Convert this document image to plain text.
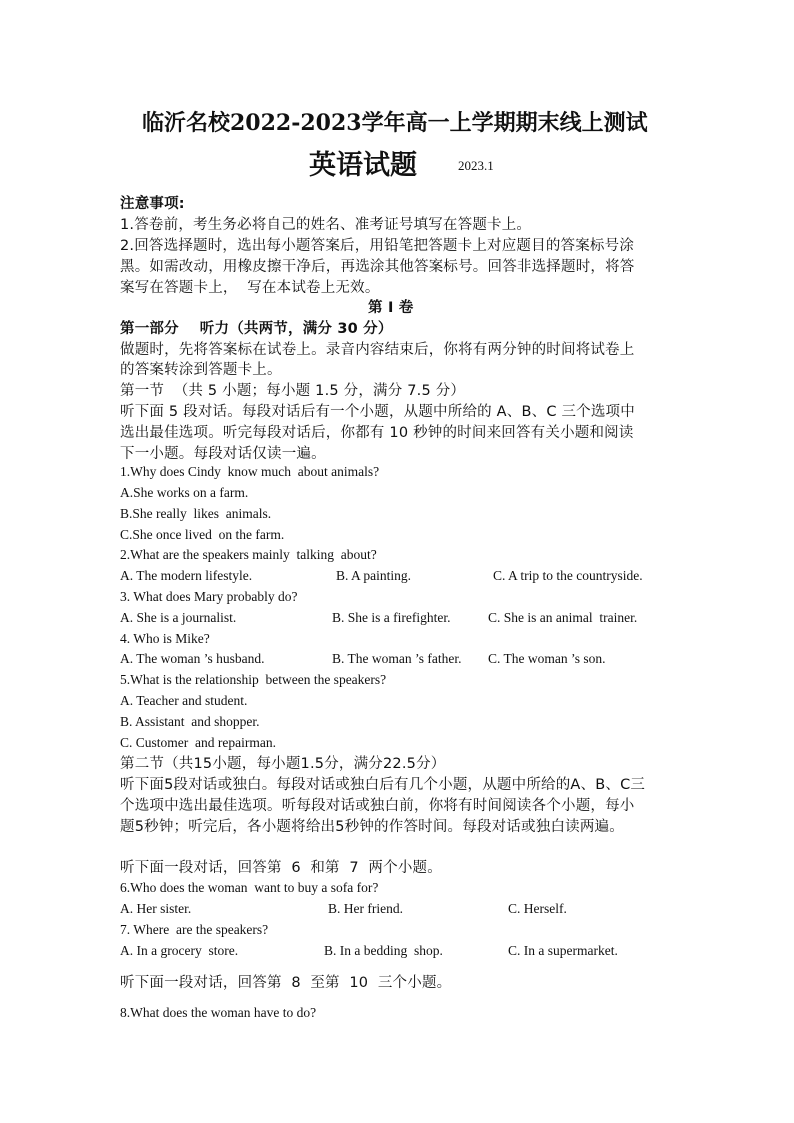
临沂名校2022-2023学年高一上学期期末线上测试
英语试题	2023.1
注意事项:
1.答卷前，考生务必将自己的姓名、准考证号填写在答题卡上。
2.回答选择题时，选出每小题答案后，用铅笔把答题卡上对应题目的答案标号涂
黑。如需改动，用橡皮擦干净后，再选涂其他答案标号。回答非选择题时，将答
案写在答题卡上，  写在本试卷上无效。
第 I 卷
第一部分    听力（共两节，满分 30 分）
做题时，先将答案标在试卷上。录音内容结束后，你将有两分钟的时间将试卷上
的答案转涂到答题卡上。
第一节  （共 5 小题；每小题 1.5 分，满分 7.5 分）
听下面 5 段对话。每段对话后有一个小题，从题中所给的 A、B、C 三个选项中
选出最佳选项。听完每段对话后，你都有 10 秒钟的时间来回答有关小题和阅读
下一小题。每段对话仅读一遍。
1.Why does Cindy  know much  about animals?
A.She works on a farm.
B.She really  likes  animals.
C.She once lived  on the farm.
2.What are the speakers mainly  talking  about?
A. The modern lifestyle.	B. A painting.	C. A trip to the countryside.
3. What does Mary probably do?
A. She is a journalist.	B. She is a firefighter.	C. She is an animal  trainer.
4. Who is Mike?
A. The woman ’s husband.	B. The woman ’s father. C. The woman ’s son.
5.What is the relationship  between the speakers?
A. Teacher and student.
B. Assistant  and shopper.
C. Customer  and repairman.
第二节（共15小题，每小题1.5分，满分22.5分）
听下面5段对话或独白。每段对话或独白后有几个小题，从题中所给的A、B、C三
个选项中选出最佳选项。听每段对话或独白前，你将有时间阅读各个小题，每小
题5秒钟；听完后，各小题将给出5秒钟的作答时间。每段对话或独白读两遍。
听下面一段对话，回答第  6  和第  7  两个小题。
6.Who does the woman  want to buy a sofa for?
A. Her sister.	B. Her friend.	C. Herself.
7. Where  are the speakers?
A. In a grocery  store.	B. In a bedding  shop.	C. In a supermarket.
听下面一段对话，回答第  8  至第  10  三个小题。
8.What does the woman have to do?
